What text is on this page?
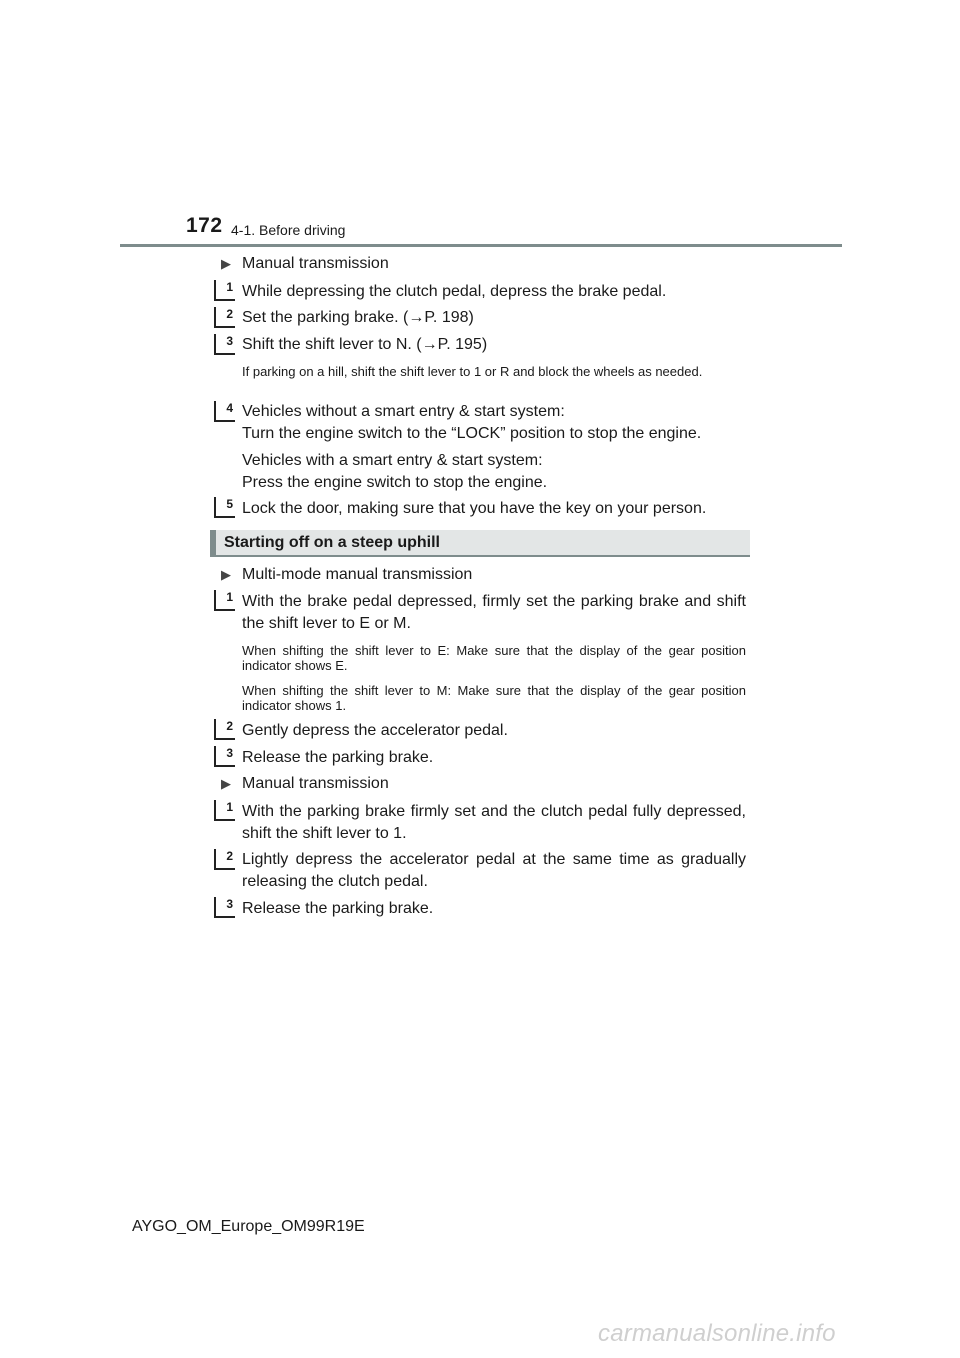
172 4-1. Before driving
▶ Manual transmission
1 While depressing the clutch pedal, depress the brake pedal.
2 Set the parking brake. (→P. 198)
3 Shift the shift lever to N. (→P. 195)
If parking on a hill, shift the shift lever to 1 or R and block the wheels as needed.
4 Vehicles without a smart entry & start system:
Turn the engine switch to the “LOCK” position to stop the engine.
Vehicles with a smart entry & start system:
Press the engine switch to stop the engine.
5 Lock the door, making sure that you have the key on your person.
Starting off on a steep uphill
▶ Multi-mode manual transmission
1 With the brake pedal depressed, firmly set the parking brake and shift the shift lever to E or M.
When shifting the shift lever to E: Make sure that the display of the gear position indicator shows E.
When shifting the shift lever to M: Make sure that the display of the gear position indicator shows 1.
2 Gently depress the accelerator pedal.
3 Release the parking brake.
▶ Manual transmission
1 With the parking brake firmly set and the clutch pedal fully depressed, shift the shift lever to 1.
2 Lightly depress the accelerator pedal at the same time as gradually releasing the clutch pedal.
3 Release the parking brake.
AYGO_OM_Europe_OM99R19E
carmanualsonline.info
